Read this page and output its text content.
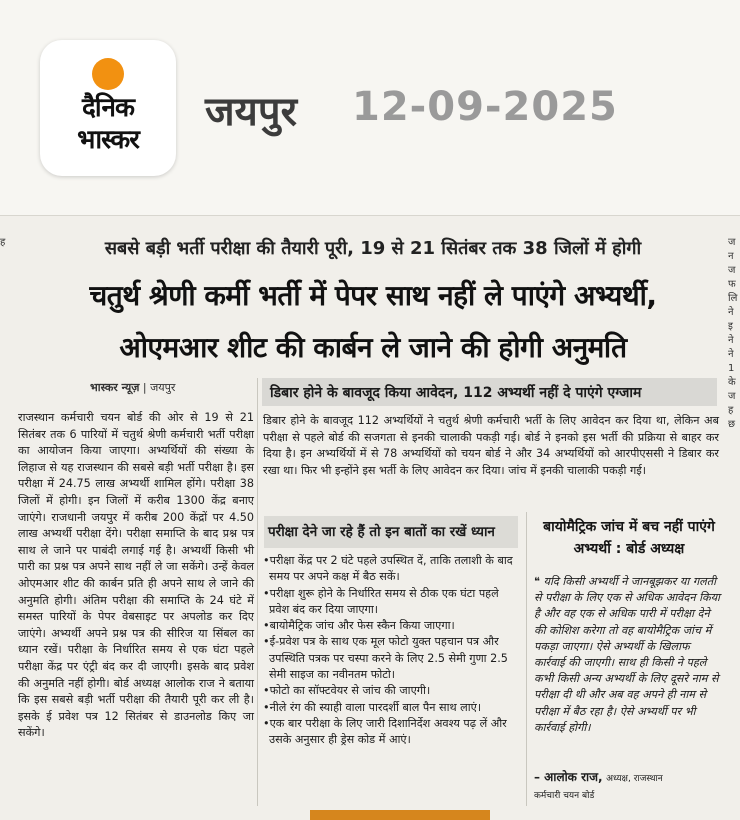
दैनिक
भास्कर
जयपुर 12-09-2025
ह	ज न ज फ लि ने इ ने ने 1 के ज ह छ
सबसे बड़ी भर्ती परीक्षा की तैयारी पूरी, 19 से 21 सितंबर तक 38 जिलों में होगी
चतुर्थ श्रेणी कर्मी भर्ती में पेपर साथ नहीं ले पाएंगे अभ्यर्थी,
ओएमआर शीट की कार्बन ले जाने की होगी अनुमति
भास्कर न्यूज़ | जयपुर	डिबार होने के बावजूद किया आवेदन, 112 अभ्यर्थी नहीं दे पाएंगे एग्जाम
राजस्थान कर्मचारी चयन बोर्ड की ओर से 19 से 21 सितंबर तक 6 पारियों में चतुर्थ श्रेणी कर्मचारी भर्ती परीक्षा का आयोजन किया जाएगा। अभ्यर्थियों की संख्या के लिहाज से यह राजस्थान की सबसे बड़ी भर्ती परीक्षा है। इस परीक्षा में 24.75 लाख अभ्यर्थी शामिल होंगे। परीक्षा 38 जिलों में होगी। इन जिलों में करीब 1300 केंद्र बनाए जाएंगे। राजधानी जयपुर में करीब 200 केंद्रों पर 4.50 लाख अभ्यर्थी परीक्षा देंगे। परीक्षा समाप्ति के बाद प्रश्न पत्र साथ ले जाने पर पाबंदी लगाई गई है। अभ्यर्थी किसी भी पारी का प्रश्न पत्र अपने साथ नहीं ले जा सकेंगे। उन्हें केवल ओएमआर शीट की कार्बन प्रति ही अपने साथ ले जाने की अनुमति होगी। अंतिम परीक्षा की समाप्ति के 24 घंटे में समस्त पारियों के पेपर वेबसाइट पर अपलोड कर दिए जाएंगे। अभ्यर्थी अपने प्रश्न पत्र की सीरिज या सिंबल का ध्यान रखें। परीक्षा के निर्धारित समय से एक घंटा पहले परीक्षा केंद्र पर एंट्री बंद कर दी जाएगी। इसके बाद प्रवेश की अनुमति नहीं होगी। बोर्ड अध्यक्ष आलोक राज ने बताया कि इस सबसे बड़ी भर्ती परीक्षा की तैयारी पूरी कर ली है। इसके ई प्रवेश पत्र 12 सितंबर से डाउनलोड किए जा सकेंगे।
डिबार होने के बावजूद 112 अभ्यर्थियों ने चतुर्थ श्रेणी कर्मचारी भर्ती के लिए आवेदन कर दिया था, लेकिन अब परीक्षा से पहले बोर्ड की सजगता से इनकी चालाकी पकड़ी गई। बोर्ड ने इनको इस भर्ती की प्रक्रिया से बाहर कर दिया है। इन अभ्यर्थियों में से 78 अभ्यर्थियों को चयन बोर्ड ने और 34 अभ्यर्थियों को आरपीएससी ने डिबार कर रखा था। फिर भी इन्होंने इस भर्ती के लिए आवेदन कर दिया। जांच में इनकी चालाकी पकड़ी गई।
परीक्षा देने जा रहे हैं तो इन बातों का रखें ध्यान
• परीक्षा केंद्र पर 2 घंटे पहले उपस्थित दें, ताकि तलाशी के बाद समय पर अपने कक्ष में बैठ सकें।
• परीक्षा शुरू होने के निर्धारित समय से ठीक एक घंटा पहले प्रवेश बंद कर दिया जाएगा।
• बायोमैट्रिक जांच और फेस स्कैन किया जाएगा।
• ई-प्रवेश पत्र के साथ एक मूल फोटो युक्त पहचान पत्र और उपस्थिति पत्रक पर चस्पा करने के लिए 2.5 सेमी गुणा 2.5 सेमी साइज का नवीनतम फोटो।
• फोटो का सॉफ्टवेयर से जांच की जाएगी।
• नीले रंग की स्याही वाला पारदर्शी बाल पैन साथ लाएं।
• एक बार परीक्षा के लिए जारी दिशानिर्देश अवश्य पढ़ लें और उसके अनुसार ही ड्रेस कोड में आएं।
बायोमैट्रिक जांच में बच नहीं पाएंगे अभ्यर्थी : बोर्ड अध्यक्ष
❝ यदि किसी अभ्यर्थी ने जानबूझकर या गलती से परीक्षा के लिए एक से अधिक आवेदन किया है और वह एक से अधिक पारी में परीक्षा देने की कोशिश करेगा तो वह बायोमैट्रिक जांच में पकड़ा जाएगा। ऐसे अभ्यर्थी के खिलाफ कार्रवाई की जाएगी। साथ ही किसी ने पहले कभी किसी अन्य अभ्यर्थी के लिए दूसरे नाम से परीक्षा दी थी और अब वह अपने ही नाम से परीक्षा में बैठ रहा है। ऐसे अभ्यर्थी पर भी कार्रवाई होगी।
– आलोक राज, अध्यक्ष, राजस्थान
कर्मचारी चयन बोर्ड
